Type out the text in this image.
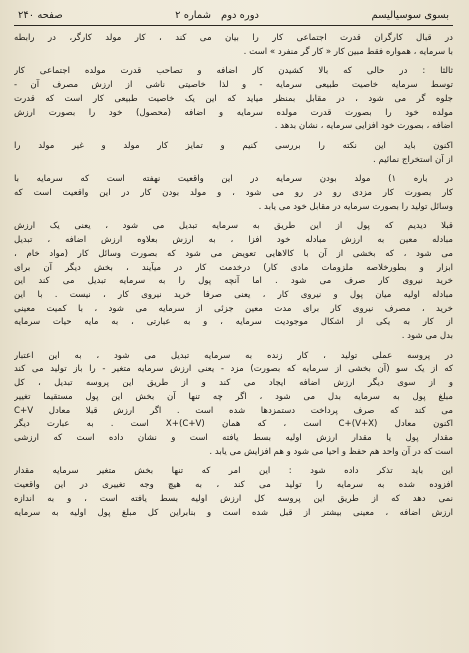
بسوی سوسیالیسم
دوره دوم
شماره ۲
صفحه ۲۴۰
در قبال کارگران قدرت اجتماعی کار را بیان می کند ، کار مولد کارگر، در رابطه
با سرمایه ، همواره فقط مبین کار « کار گر منفرد » است .
ثالثا : در حالی که بالا کشیدن کار اضافه و تصاحب قدرت مولده اجتماعی کار
توسط سرمایه خاصیت طبیعی سرمایه - و لذا خاصیتی ناشی از ارزش مصرف آن -
جلوه گر می شود ، در مقابل بمنظر میاید که این یک خاصیت طبیعی کار است که قدرت
مولده خود را بصورت قدرت مولده سرمایه و اضافه (محصول) خود را بصورت ارزش
اضافه ، بصورت خود افزایی سرمایه ، نشان بدهد .
اکنون باید این نکته را بررسی کنیم و تمایز کار مولد و غیر مولد را
از آن استخراج نمائیم .
در باره ۱) مولد بودن سرمایه در این واقعیت نهفته است که سرمایه با
کار بصورت کار مزدی رو در رو می شود ، و مولد بودن کار در این واقعیت است که
وسائل تولید را بصورت سرمایه در مقابل خود می یابد .
قبلا دیدیم که پول از این طریق به سرمایه تبدیل می شود ، یعنی یک ارزش
مبادله معین به ارزش مبادله خود افزا ، به ارزش بعلاوه ارزش اضافه ، تبدیل
می شود ، که بخشی از آن با کالاهایی تعویض می شود که بصورت وسائل کار (مواد خام ،
ابزار و بطورخلاصه ملزومات مادی کار) درخدمت کار در میآیند ، بخش دیگر آن برای
خرید نیروی کار صرف می شود . اما آنچه پول را به سرمایه تبدیل می کند این
مبادله اولیه میان پول و نیروی کار ، یعنی صرفا خرید نیروی کار ، نیست . با این
خرید ، مصرف نیروی کار برای مدت معین جزئی از سرمایه می شود ، با کمیت معینی
از کار به یکی از اشکال موجودیت سرمایه ، و به عبارتی ، به مایه حیات سرمایه
بدل می شود .
در پروسه عملی تولید ، کار زنده به سرمایه تبدیل می شود ، به این اعتبار
که از یک سو (آن بخشی از سرمایه که بصورت) مزد - یعنی ارزش سرمایه متغیر - را باز تولید می کند
و از سوی دیگر ارزش اضافه ایجاد می کند و از طریق این پروسه تبدیل ، کل
مبلغ پول به سرمایه بدل می شود ، اگر چه تنها آن بخش این پول مستقیما تغییر
می کند که صرف پرداخت دستمزدها شده است . اگر ارزش قبلا معادل C+V
اکنون معادل C+(V+X) است ، که همان (C+V)+X است . به عبارت دیگر
مقدار پول یا مقدار ارزش اولیه بسط یافته است و نشان داده است که ارزشی
است که در آن واحد هم حفظ و احیا می شود و هم افزایش می یابد .
این باید تذکر داده شود : این امر که تنها بخش متغیر سرمایه مقدار
افزوده شده به سرمایه را تولید می کند ، به هیچ وجه تغییری در این واقعیت
نمی دهد که از طریق این پروسه کل ارزش اولیه بسط یافته است ، و به اندازه
ارزش اضافه ، معینی بیشتر از قبل شده است و بنابراین کل مبلغ پول اولیه به سرمایه
